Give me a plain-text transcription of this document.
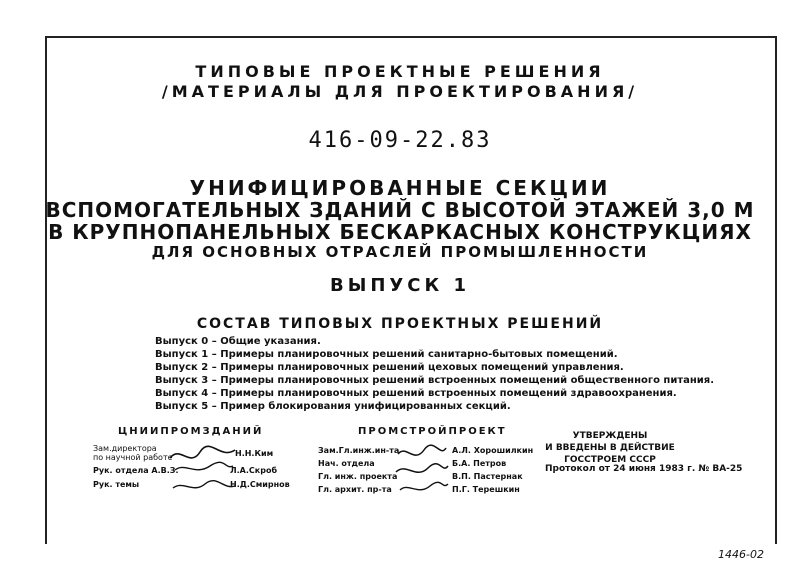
ТИПОВЫЕ ПРОЕКТНЫЕ РЕШЕНИЯ
/МАТЕРИАЛЫ ДЛЯ ПРОЕКТИРОВАНИЯ/
416-09-22.83
УНИФИЦИРОВАННЫЕ СЕКЦИИ
ВСПОМОГАТЕЛЬНЫХ ЗДАНИЙ С ВЫСОТОЙ ЭТАЖЕЙ 3,0 М
В КРУПНОПАНЕЛЬНЫХ БЕСКАРКАСНЫХ КОНСТРУКЦИЯХ
ДЛЯ ОСНОВНЫХ ОТРАСЛЕЙ ПРОМЫШЛЕННОСТИ
ВЫПУСК 1
СОСТАВ ТИПОВЫХ ПРОЕКТНЫХ РЕШЕНИЙ
Выпуск 0 – Общие указания.
Выпуск 1 – Примеры планировочных решений санитарно-бытовых помещений.
Выпуск 2 – Примеры планировочных решений цеховых помещений управления.
Выпуск 3 – Примеры планировочных решений встроенных помещений общественного питания.
Выпуск 4 – Примеры планировочных решений встроенных помещений здравоохранения.
Выпуск 5 – Пример блокирования унифицированных секций.
ЦНИИПРОМЗДАНИЙ
Зам.директора
по научной работе	Н.Н.Ким
Рук. отдела А.В.З.	Л.А.Скроб
Рук. темы	Н.Д.Смирнов
ПРОМСТРОЙПРОЕКТ
Зам.Гл.инж.ин-та	А.Л. Хорошилкин
Нач. отдела	Б.А. Петров
Гл. инж. проекта	В.П. Пастернак
Гл. архит. пр-та	П.Г. Терешкин
УТВЕРЖДЕНЫ
И ВВЕДЕНЫ В ДЕЙСТВИЕ
ГОССТРОЕМ СССР
Протокол от 24 июня 1983 г. № ВА-25
1446-02
